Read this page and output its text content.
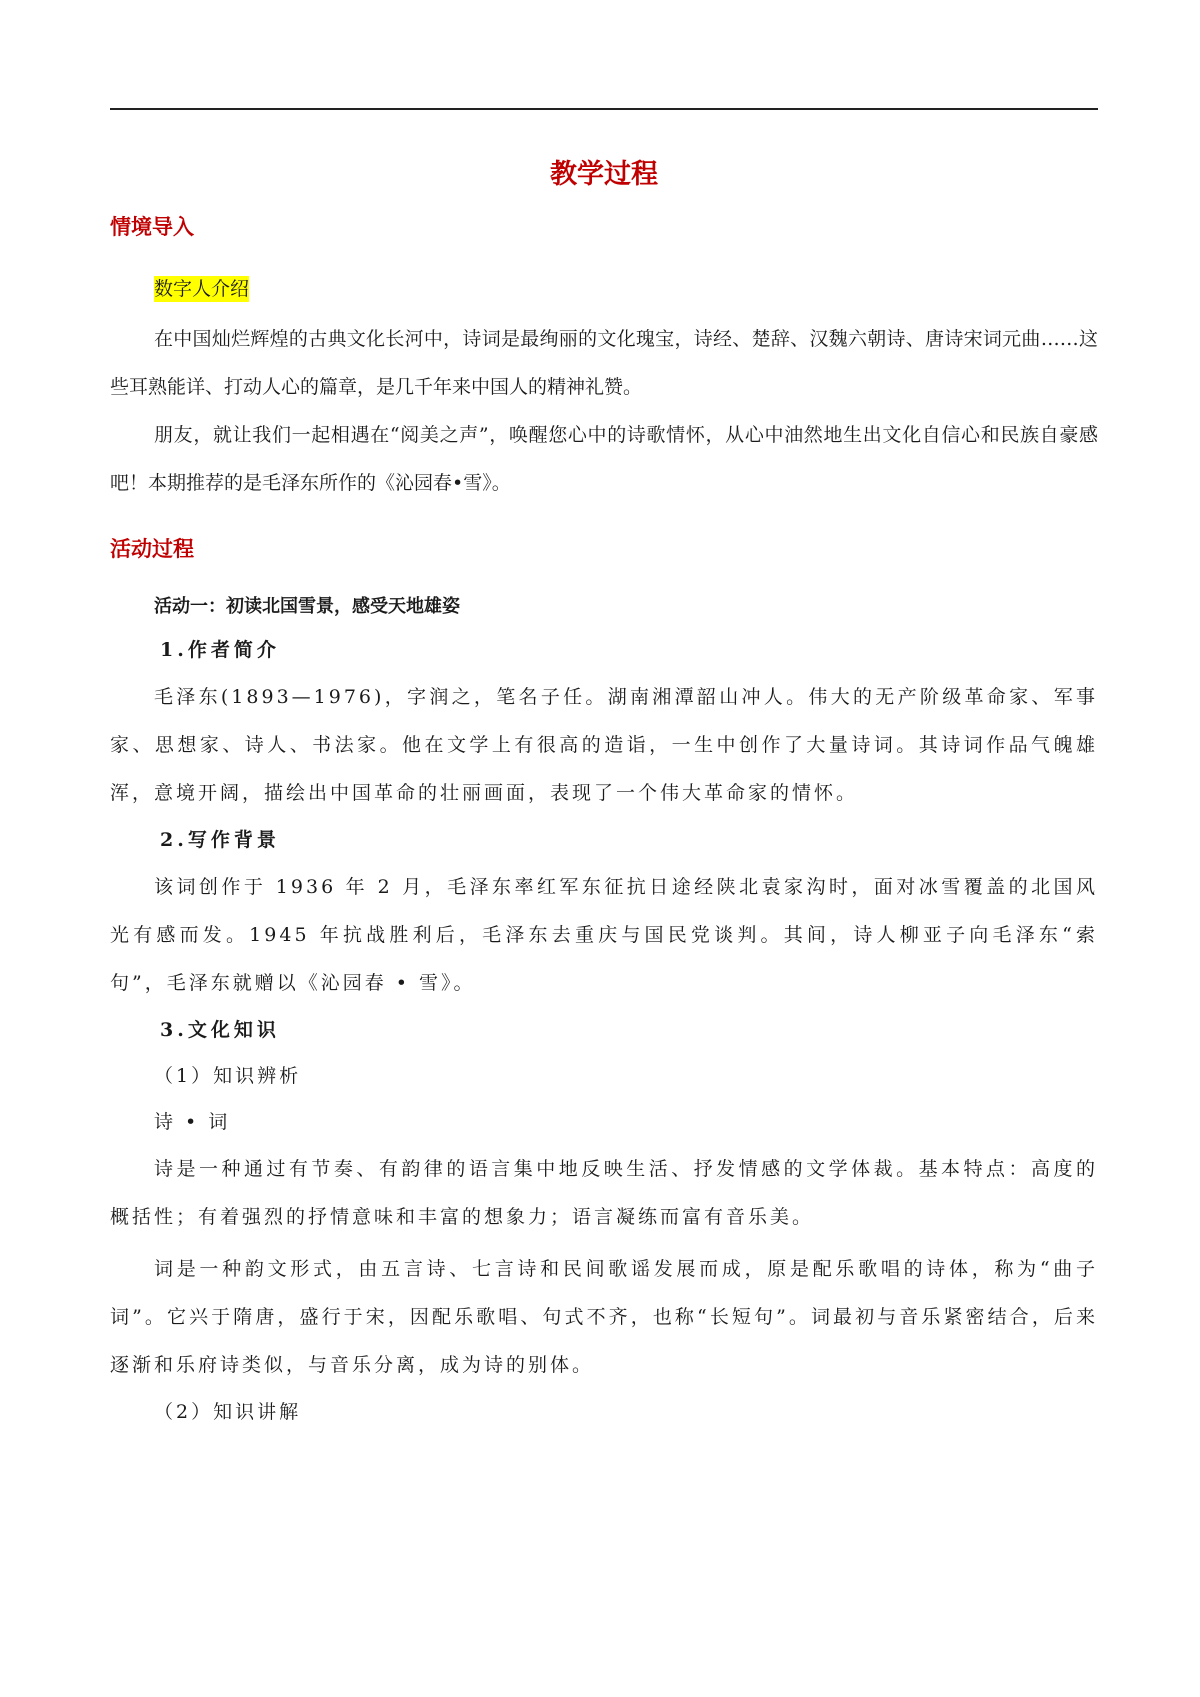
教学过程
情境导入
数字人介绍

在中国灿烂辉煌的古典文化长河中，诗词是最绚丽的文化瑰宝，诗经、楚辞、汉魏六朝诗、唐诗宋词元曲……这些耳熟能详、打动人心的篇章，是几千年来中国人的精神礼赞。

朋友，就让我们一起相遇在“阅美之声”，唤醒您心中的诗歌情怀，从心中油然地生出文化自信心和民族自豪感吧！本期推荐的是毛泽东所作的《沁园春•雪》。

活动过程
活动一：初读北国雪景，感受天地雄姿
1.作者简介

毛泽东(1893—1976)，字润之，笔名子任。湖南湘潭韶山冲人。伟大的无产阶级革命家、军事家、思想家、诗人、书法家。他在文学上有很高的造诣，一生中创作了大量诗词。其诗词作品气魄雄浑，意境开阔，描绘出中国革命的壮丽画面，表现了一个伟大革命家的情怀。

2.写作背景

该词创作于 1936 年 2 月，毛泽东率红军东征抗日途经陕北袁家沟时，面对冰雪覆盖的北国风光有感而发。1945 年抗战胜利后，毛泽东去重庆与国民党谈判。其间，诗人柳亚子向毛泽东“索句”，毛泽东就赠以《沁园春 • 雪》。

3.文化知识
（1）知识辨析
诗 • 词

诗是一种通过有节奏、有韵律的语言集中地反映生活、抒发情感的文学体裁。基本特点：高度的概括性；有着强烈的抒情意味和丰富的想象力；语言凝练而富有音乐美。

词是一种韵文形式，由五言诗、七言诗和民间歌谣发展而成，原是配乐歌唱的诗体，称为“曲子词”。它兴于隋唐，盛行于宋，因配乐歌唱、句式不齐，也称“长短句”。词最初与音乐紧密结合，后来逐渐和乐府诗类似，与音乐分离，成为诗的别体。

（2）知识讲解
